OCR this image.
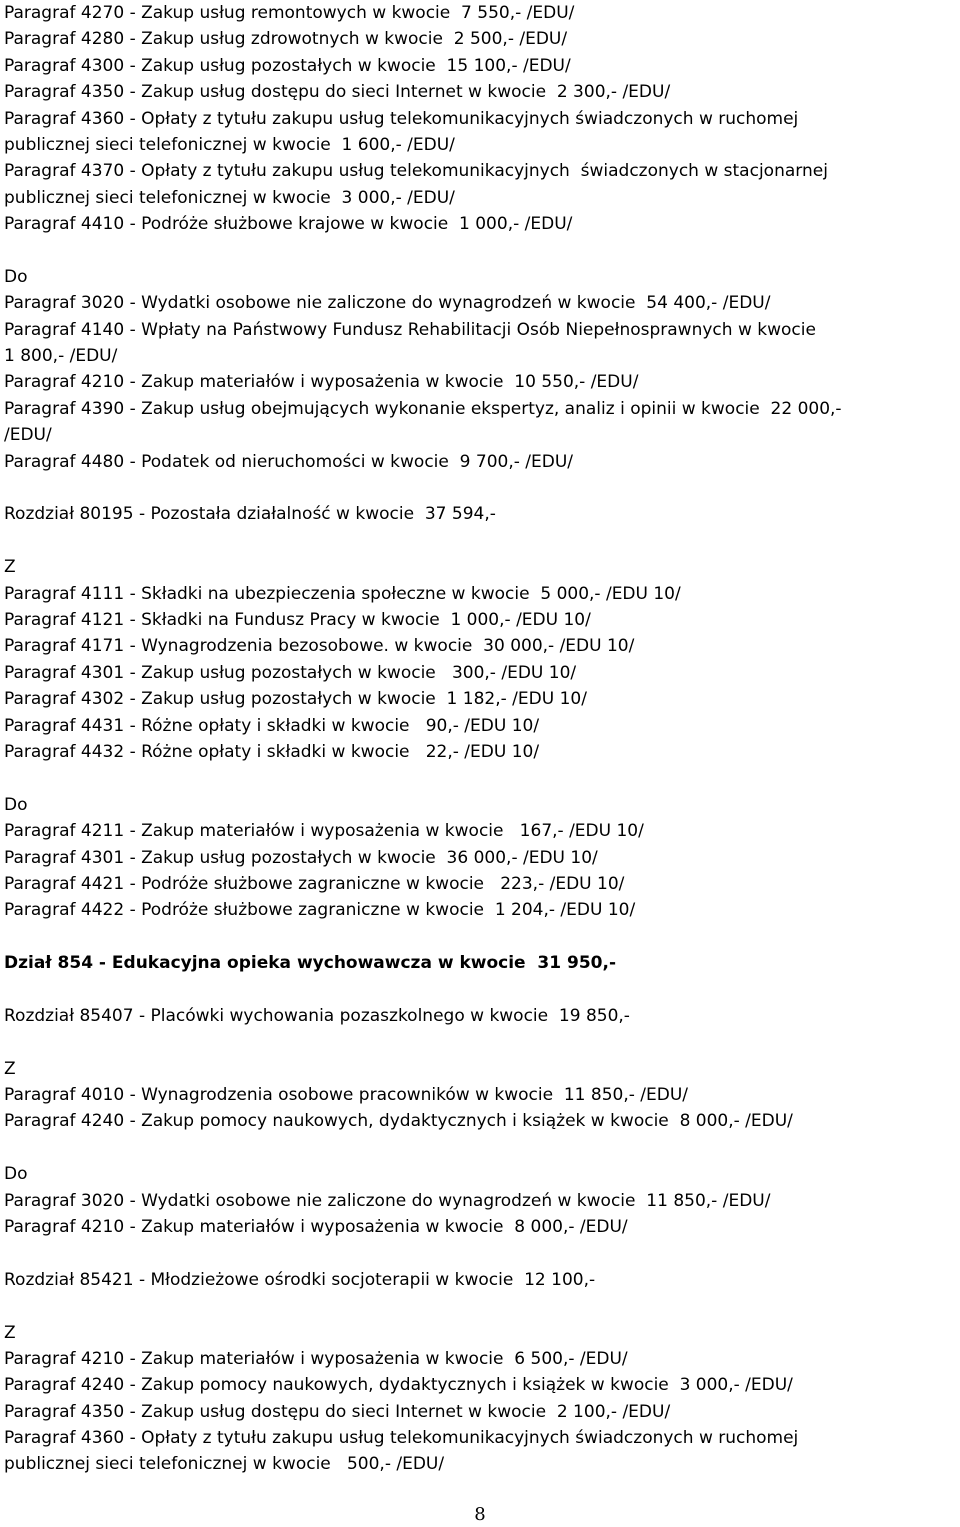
Paragraf 4270 - Zakup usług remontowych w kwocie  7 550,- /EDU/
Paragraf 4280 - Zakup usług zdrowotnych w kwocie  2 500,- /EDU/
Paragraf 4300 - Zakup usług pozostałych w kwocie  15 100,- /EDU/
Paragraf 4350 - Zakup usług dostępu do sieci Internet w kwocie  2 300,- /EDU/
Paragraf 4360 - Opłaty z tytułu zakupu usług telekomunikacyjnych świadczonych w ruchomej
publicznej sieci telefonicznej w kwocie  1 600,- /EDU/
Paragraf 4370 - Opłaty z tytułu zakupu usług telekomunikacyjnych  świadczonych w stacjonarnej
publicznej sieci telefonicznej w kwocie  3 000,- /EDU/
Paragraf 4410 - Podróże służbowe krajowe w kwocie  1 000,- /EDU/
Do
Paragraf 3020 - Wydatki osobowe nie zaliczone do wynagrodzeń w kwocie  54 400,- /EDU/
Paragraf 4140 - Wpłaty na Państwowy Fundusz Rehabilitacji Osób Niepełnosprawnych w kwocie
1 800,- /EDU/
Paragraf 4210 - Zakup materiałów i wyposażenia w kwocie  10 550,- /EDU/
Paragraf 4390 - Zakup usług obejmujących wykonanie ekspertyz, analiz i opinii w kwocie  22 000,-
/EDU/
Paragraf 4480 - Podatek od nieruchomości w kwocie  9 700,- /EDU/
Rozdział 80195 - Pozostała działalność w kwocie  37 594,-
Z
Paragraf 4111 - Składki na ubezpieczenia społeczne w kwocie  5 000,- /EDU 10/
Paragraf 4121 - Składki na Fundusz Pracy w kwocie  1 000,- /EDU 10/
Paragraf 4171 - Wynagrodzenia bezosobowe. w kwocie  30 000,- /EDU 10/
Paragraf 4301 - Zakup usług pozostałych w kwocie   300,- /EDU 10/
Paragraf 4302 - Zakup usług pozostałych w kwocie  1 182,- /EDU 10/
Paragraf 4431 - Różne opłaty i składki w kwocie   90,- /EDU 10/
Paragraf 4432 - Różne opłaty i składki w kwocie   22,- /EDU 10/
Do
Paragraf 4211 - Zakup materiałów i wyposażenia w kwocie   167,- /EDU 10/
Paragraf 4301 - Zakup usług pozostałych w kwocie  36 000,- /EDU 10/
Paragraf 4421 - Podróże służbowe zagraniczne w kwocie   223,- /EDU 10/
Paragraf 4422 - Podróże służbowe zagraniczne w kwocie  1 204,- /EDU 10/
Dział 854 - Edukacyjna opieka wychowawcza w kwocie  31 950,-
Rozdział 85407 - Placówki wychowania pozaszkolnego w kwocie  19 850,-
Z
Paragraf 4010 - Wynagrodzenia osobowe pracowników w kwocie  11 850,- /EDU/
Paragraf 4240 - Zakup pomocy naukowych, dydaktycznych i książek w kwocie  8 000,- /EDU/
Do
Paragraf 3020 - Wydatki osobowe nie zaliczone do wynagrodzeń w kwocie  11 850,- /EDU/
Paragraf 4210 - Zakup materiałów i wyposażenia w kwocie  8 000,- /EDU/
Rozdział 85421 - Młodzieżowe ośrodki socjoterapii w kwocie  12 100,-
Z
Paragraf 4210 - Zakup materiałów i wyposażenia w kwocie  6 500,- /EDU/
Paragraf 4240 - Zakup pomocy naukowych, dydaktycznych i książek w kwocie  3 000,- /EDU/
Paragraf 4350 - Zakup usług dostępu do sieci Internet w kwocie  2 100,- /EDU/
Paragraf 4360 - Opłaty z tytułu zakupu usług telekomunikacyjnych świadczonych w ruchomej
publicznej sieci telefonicznej w kwocie   500,- /EDU/
8
